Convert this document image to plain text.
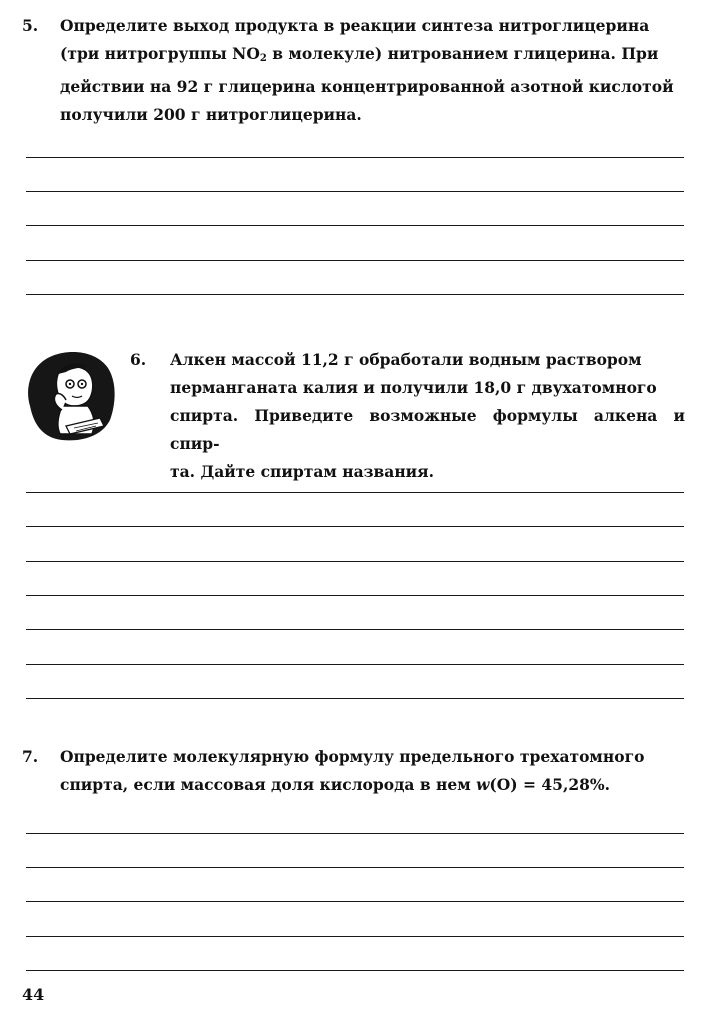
5. Определите выход продукта в реакции синтеза нитроглицерина
(три нитрогруппы $NO_2$ в молекуле) нитрованием глицерина. При
действии на 92 г глицерина концентрированной азотной кислотой
получили 200 г нитроглицерина.
6. Алкен массой 11,2 г обработали водным раствором
перманганата калия и получили 18,0 г двухатомного
спирта. Приведите возможные формулы алкена и спир-
та. Дайте спиртам названия.
7. Определите молекулярную формулу предельного трехатомного
спирта, если массовая доля кислорода в нем w(O) = 45,28%.
44
